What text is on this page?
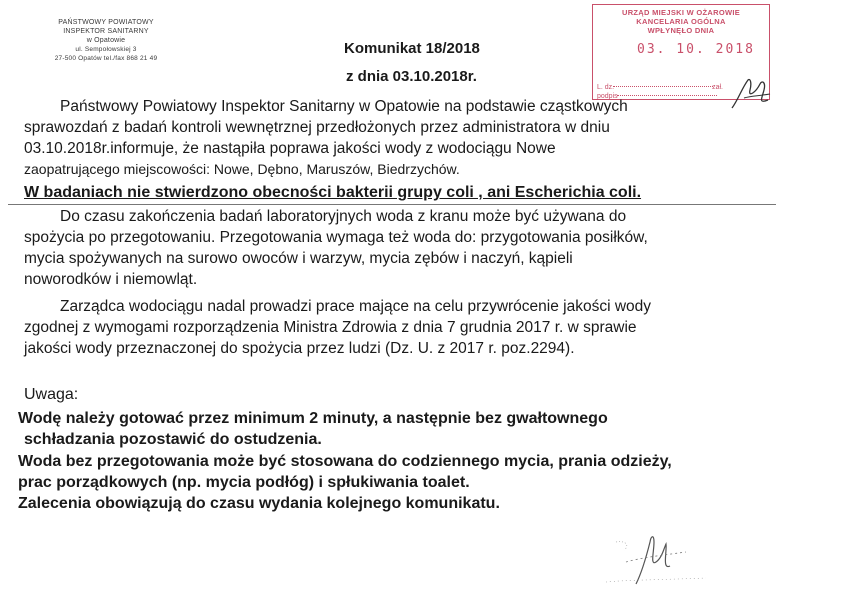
PAŃSTWOWY POWIATOWY
INSPEKTOR SANITARNY
w Opatowie
ul. Sempołowskiej 3
27-500 Opatów tel./fax 868 21 49
Komunikat 18/2018
z dnia 03.10.2018r.
URZĄD MIEJSKI W OŻAROWIE
KANCELARIA OGÓLNA
WPŁYNĘŁO DNIA
03. 10. 2018
L. dz.	zał.
podpis
Państwowy Powiatowy Inspektor Sanitarny w Opatowie na podstawie cząstkowych
sprawozdań z badań kontroli wewnętrznej przedłożonych przez administratora w dniu
03.10.2018r.informuje, że nastąpiła poprawa jakości wody z wodociągu Nowe
zaopatrującego miejscowości: Nowe, Dębno, Maruszów, Biedrzychów.
W badaniach nie stwierdzono obecności bakterii grupy coli , ani Escherichia coli.
Do czasu zakończenia badań laboratoryjnych woda z kranu może być używana do
spożycia po przegotowaniu. Przegotowania wymaga też woda do: przygotowania posiłków,
mycia spożywanych na surowo owoców i warzyw, mycia zębów i naczyń, kąpieli
noworodków i niemowląt.
Zarządca wodociągu nadal prowadzi prace mające na celu przywrócenie jakości wody
zgodnej z wymogami rozporządzenia Ministra Zdrowia z dnia 7 grudnia 2017 r. w sprawie
jakości wody przeznaczonej do spożycia przez ludzi (Dz. U. z 2017 r. poz.2294).
Uwaga:
Wodę należy gotować przez minimum 2 minuty, a następnie bez gwałtownego
schładzania pozostawić do ostudzenia.
Woda bez przegotowania może być stosowana do codziennego mycia, prania odzieży,
prac porządkowych (np. mycia podłóg) i spłukiwania toalet.
Zalecenia obowiązują do czasu wydania kolejnego komunikatu.
